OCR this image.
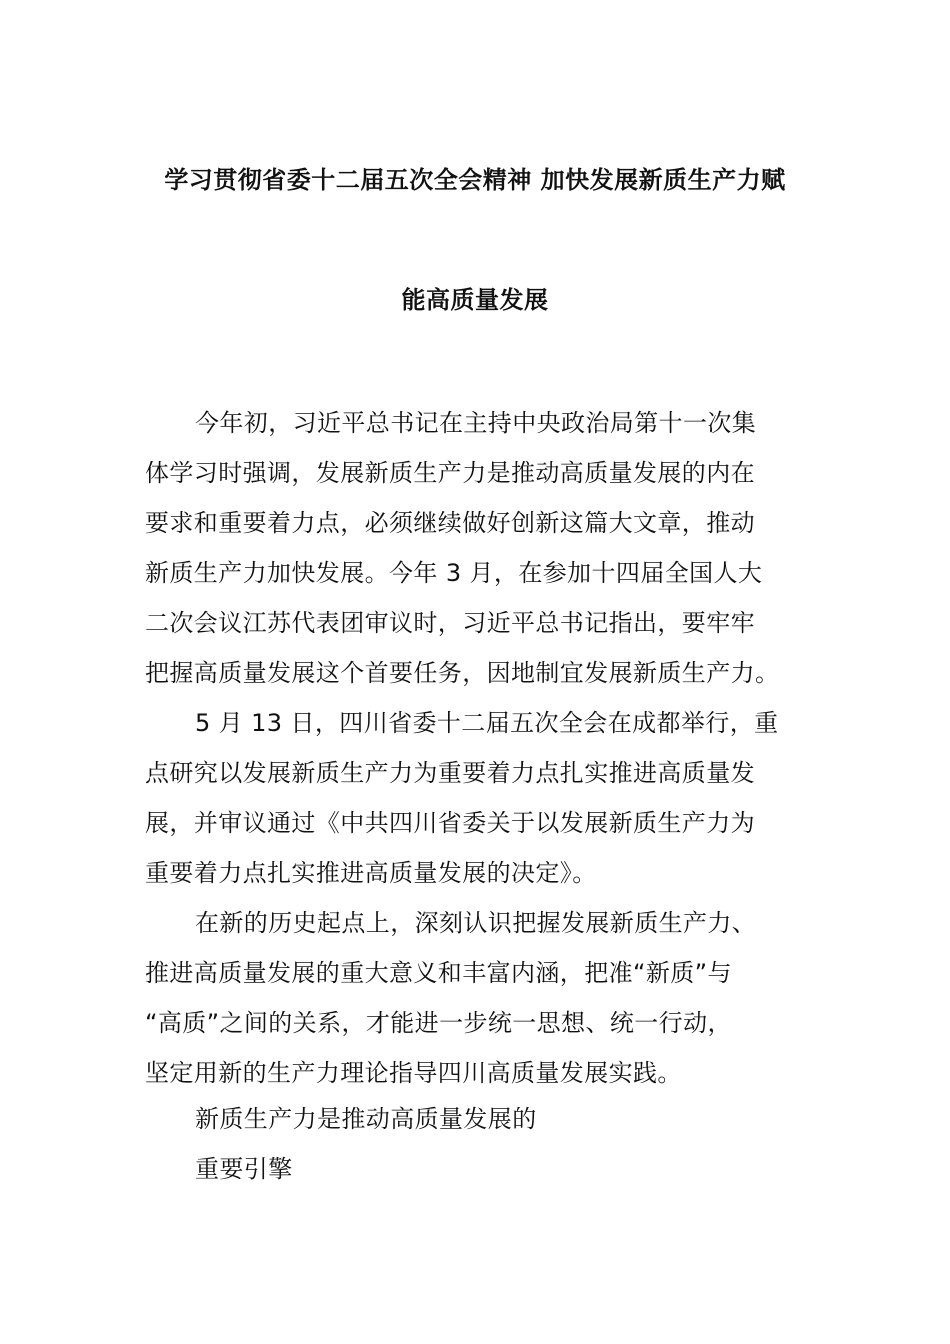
学习贯彻省委十二届五次全会精神 加快发展新质生产力赋
能高质量发展
今年初，习近平总书记在主持中央政治局第十一次集
体学习时强调，发展新质生产力是推动高质量发展的内在
要求和重要着力点，必须继续做好创新这篇大文章，推动
新质生产力加快发展。今年 3 月，在参加十四届全国人大
二次会议江苏代表团审议时，习近平总书记指出，要牢牢
把握高质量发展这个首要任务，因地制宜发展新质生产力。
5 月 13 日，四川省委十二届五次全会在成都举行，重
点研究以发展新质生产力为重要着力点扎实推进高质量发
展，并审议通过《中共四川省委关于以发展新质生产力为
重要着力点扎实推进高质量发展的决定》。
在新的历史起点上，深刻认识把握发展新质生产力、
推进高质量发展的重大意义和丰富内涵，把准“新质”与
“高质”之间的关系，才能进一步统一思想、统一行动，
坚定用新的生产力理论指导四川高质量发展实践。
新质生产力是推动高质量发展的
重要引擎
